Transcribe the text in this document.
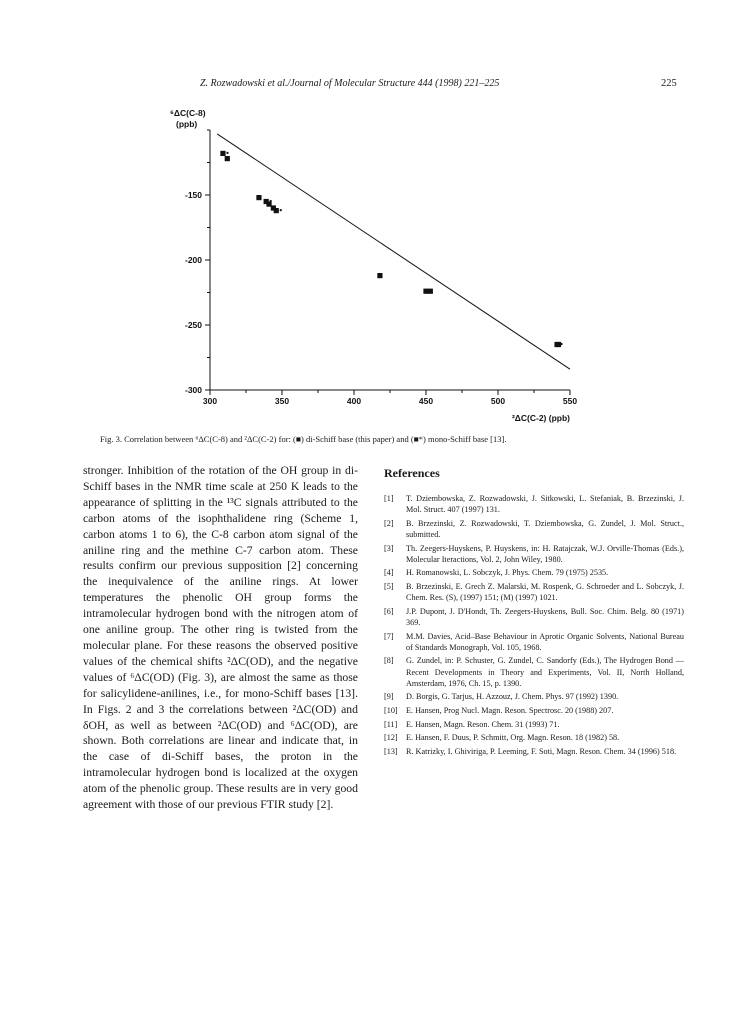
Z. Rozwadowski et al./Journal of Molecular Structure 444 (1998) 221–225	225
-150
-200
-250
-300
300	350	400	450	500	550
⁶ΔC(C-8)
(ppb)
²ΔC(C-2) (ppb)
Fig. 3. Correlation between ⁶ΔC(C-8) and ²ΔC(C-2) for: (■) di-Schiff base (this paper) and (■*) mono-Schiff base [13].

stronger. Inhibition of the rotation of the OH group in di-Schiff bases in the NMR time scale at 250 K leads to the appearance of splitting in the ¹³C signals attributed to the carbon atoms of the isophthalidene ring (Scheme 1, carbon atoms 1 to 6), the C-8 carbon atom signal of the aniline ring and the methine C-7 carbon atom. These results confirm our previous supposition [2] concerning the inequivalence of the aniline rings. At lower temperatures the phenolic OH group forms the intramolecular hydrogen bond with the nitrogen atom of one aniline group. The other ring is twisted from the molecular plane. For these reasons the observed positive values of the chemical shifts ²ΔC(OD), and the negative values of ⁶ΔC(OD) (Fig. 3), are almost the same as those for salicylidene-anilines, i.e., for mono-Schiff bases [13]. In Figs. 2 and 3 the correlations between ²ΔC(OD) and δOH, as well as between ²ΔC(OD) and ⁶ΔC(OD), are shown. Both correlations are linear and indicate that, in the case of di-Schiff bases, the proton in the intramolecular hydrogen bond is localized at the oxygen atom of the phenolic group. These results are in very good agreement with those of our previous FTIR study [2].

References
[1] T. Dziembowska, Z. Rozwadowski, J. Sitkowski, L. Stefaniak, B. Brzezinski, J. Mol. Struct. 407 (1997) 131.
[2] B. Brzezinski, Z. Rozwadowski, T. Dziembowska, G. Zundel, J. Mol. Struct., submitted.
[3] Th. Zeegers-Huyskens, P. Huyskens, in: H. Ratajczak, W.J. Orville-Thomas (Eds.), Molecular Iteractions, Vol. 2, John Wiley, 1980.
[4] H. Romanowski, L. Sobczyk, J. Phys. Chem. 79 (1975) 2535.
[5] B. Brzezinski, E. Grech Z. Malarski, M. Rospenk, G. Schroeder and L. Sobczyk, J. Chem. Res. (S), (1997) 151; (M) (1997) 1021.
[6] J.P. Dupont, J. D'Hondt, Th. Zeegers-Huyskens, Bull. Soc. Chim. Belg. 80 (1971) 369.
[7] M.M. Davies, Acid–Base Behaviour in Aprotic Organic Solvents, National Bureau of Standards Monograph, Vol. 105, 1968.
[8] G. Zundel, in: P. Schuster, G. Zundel, C. Sandorfy (Eds.), The Hydrogen Bond — Recent Developments in Theory and Experiments, Vol. II, North Holland, Amsterdam, 1976, Ch. 15, p. 1390.
[9] D. Borgis, G. Tarjus, H. Azzouz, J. Chem. Phys. 97 (1992) 1390.
[10] E. Hansen, Prog Nucl. Magn. Reson. Spectrosc. 20 (1988) 207.
[11] E. Hansen, Magn. Reson. Chem. 31 (1993) 71.
[12] E. Hansen, F. Duus, P. Schmitt, Org. Magn. Reson. 18 (1982) 58.
[13] R. Katrizky, I. Ghiviriga, P. Leeming, F. Soti, Magn. Reson. Chem. 34 (1996) 518.
